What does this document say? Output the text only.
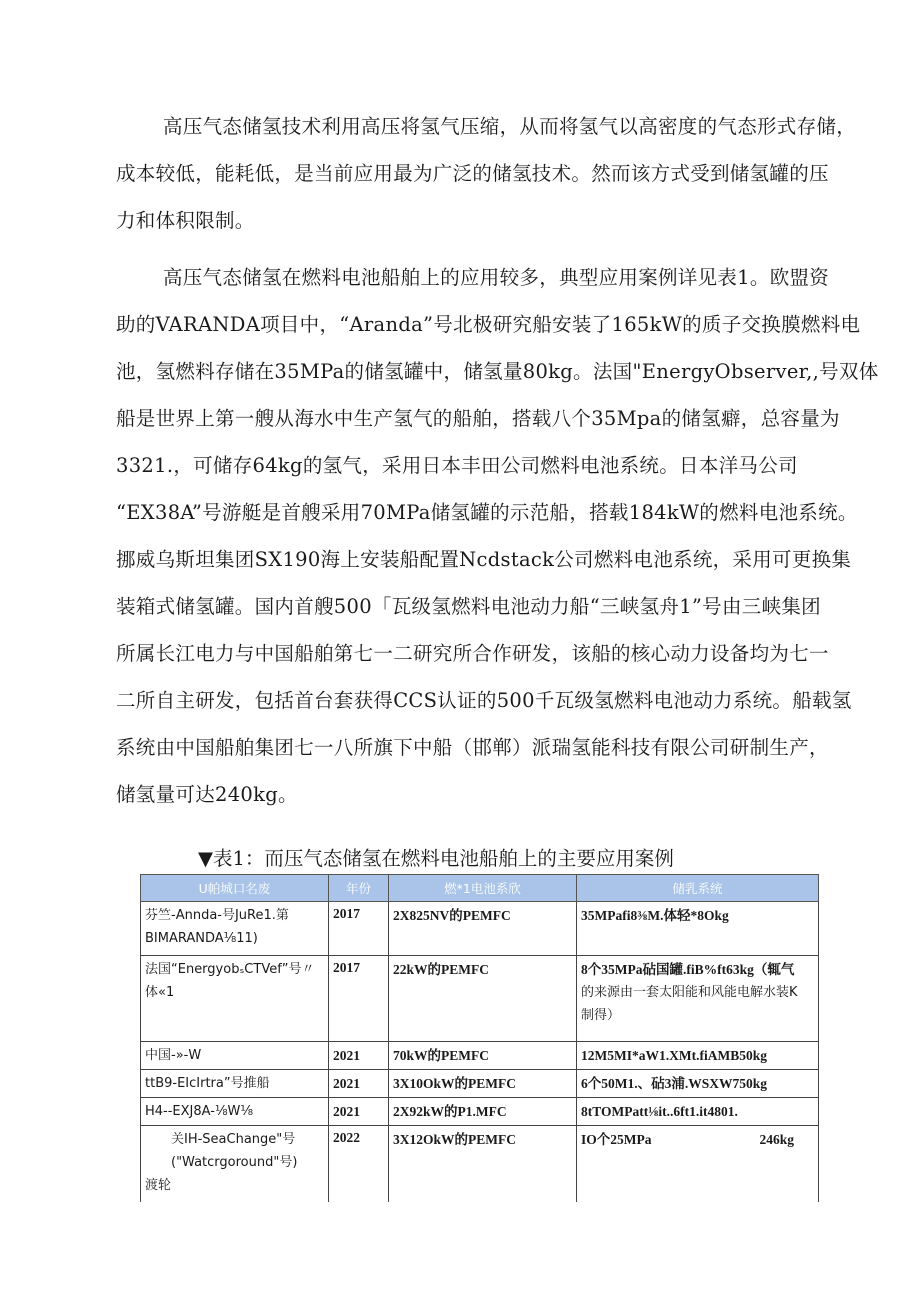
高压气态储氢技术利用高压将氢气压缩，从而将氢气以高密度的气态形式存储，
成本较低，能耗低，是当前应用最为广泛的储氢技术。然而该方式受到储氢罐的压
力和体积限制。
高压气态储氢在燃料电池船舶上的应用较多，典型应用案例详见表1。欧盟资
助的VARANDA项目中，“Aranda”号北极研究船安装了165kW的质子交换膜燃料电
池，氢燃料存储在35MPa的储氢罐中，储氢量80kg。法国"EnergyObserver,,号双体
船是世界上第一艘从海水中生产氢气的船舶，搭载八个35Mpa的储氢癖，总容量为
3321.，可储存64kg的氢气，采用日本丰田公司燃料电池系统。日本洋马公司
“EX38A”号游艇是首艘采用70MPa储氢罐的示范船，搭载184kW的燃料电池系统。
挪威乌斯坦集团SX190海上安装船配置Ncdstack公司燃料电池系统，采用可更换集
装箱式储氢罐。国内首艘500「瓦级氢燃料电池动力船“三峡氢舟1”号由三峡集团
所属长江电力与中国船舶第七一二研究所合作研发，该船的核心动力设备均为七一
二所自主研发，包括首台套获得CCS认证的500千瓦级氢燃料电池动力系统。船载氢
系统由中国船舶集团七一八所旗下中船（邯郸）派瑞氢能科技有限公司研制生产，
储氢量可达240kg。

▼表1：而压气态储氢在燃料电池船舶上的主要应用案例

U帕城口名废	年份	燃*1电池系欣	储乳系统

芬竺-Annda-号JuRe1.第
BIMARANDA⅛11)	2017	2X825NV的PEMFC	35MPafi8⅜M.体轻*8Okg

法国“EnergyobₛCTVef”号〃
体«1	2017	22kW的PEMFC	8个35MPa砧国罐.fiB%ft63kg（辄气
的来源由一套太阳能和风能电解水装K
制得）

中国-»-W	2021	70kW的PEMFC	12M5MI*aW1.XMt.fiAMB50kg

ttB9-EIcIrtra”号推船	2021	3X10OkW的PEMFC	6个50M1.、砧3浦.WSXW750kg

H4--EXJ8A-⅛W⅛	2021	2X92kW的P1.MFC	8tTOMPatt⅛it..6ft1.it4801.

关IH-SeaChange"号
("Watcrgoround"号)
渡轮	2022	3X12OkW的PEMFC	IO个25MPa 246kg
